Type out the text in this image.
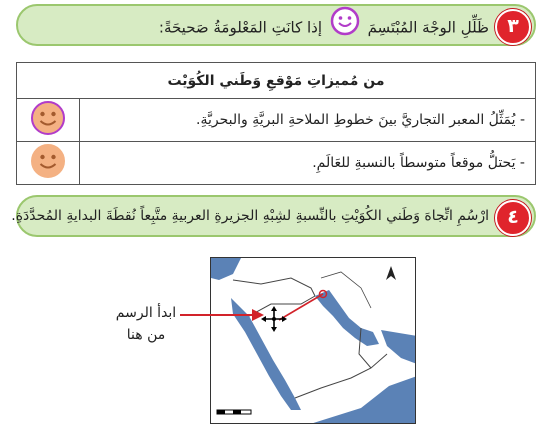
٣
ظَلِّلِ الوجْهَ المُبْتَسِمَ  إذا كانَتِ المَعْلومَةُ صَحيحَةً:
من مُميزاتِ مَوْقعِ وَطَني الكُوَيْت	
	- يُمَثِّلُ المعبر التجاريَّ بينَ خطوطِ الملاحةِ البريَّةِ والبحريَّةِ.
	- يَحتلُّ موقعاً متوسطاً بالنسبةِ للعَالَمِ.
٤
ارْسُمِ اتِّجاهَ وَطَني الكُوَيْتِ بالنِّسبةِ لشِبْهِ الجزيرةِ العربيةِ متَّبِعاً نُقطَةَ البدايةِ المُحدَّدَةِ.
ابدأ الرسم
من هنا
